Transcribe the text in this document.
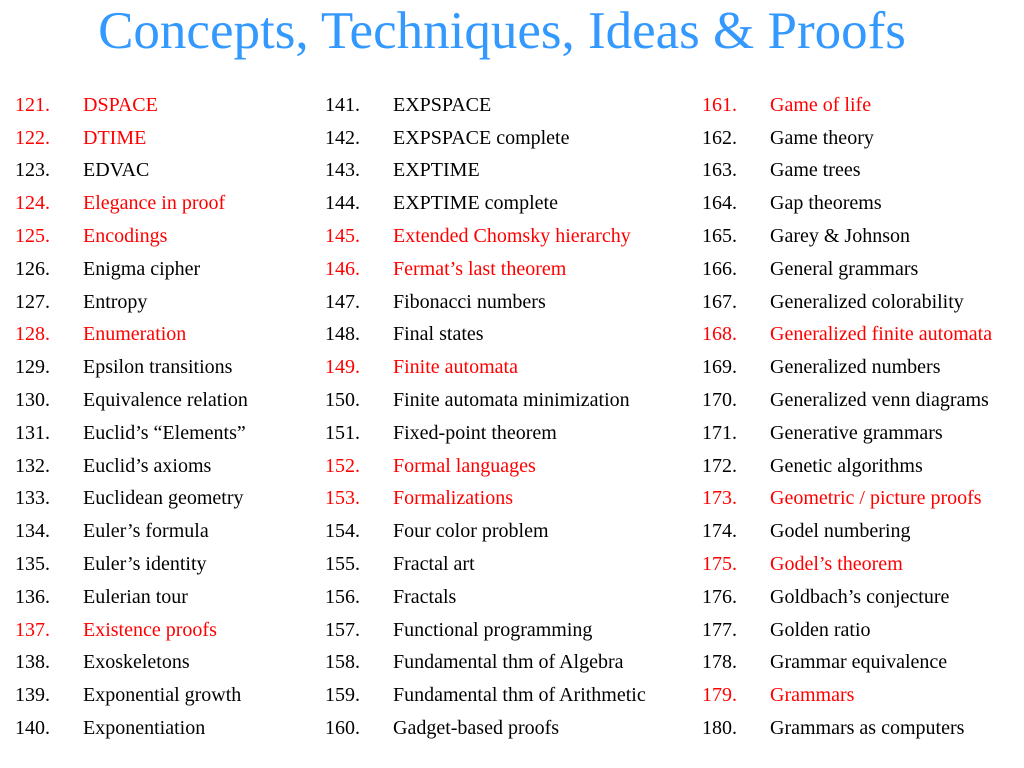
Concepts, Techniques, Ideas & Proofs
121.	DSPACE
122.	DTIME
123.	EDVAC
124.	Elegance in proof
125.	Encodings
126.	Enigma cipher
127.	Entropy
128.	Enumeration
129.	Epsilon transitions
130.	Equivalence relation
131.	Euclid’s “Elements”
132.	Euclid’s axioms
133.	Euclidean geometry
134.	Euler’s formula
135.	Euler’s identity
136.	Eulerian tour
137.	Existence proofs
138.	Exoskeletons
139.	Exponential growth
140.	Exponentiation
141.	EXPSPACE
142.	EXPSPACE complete
143.	EXPTIME
144.	EXPTIME complete
145.	Extended Chomsky hierarchy
146.	Fermat’s last theorem
147.	Fibonacci numbers
148.	Final states
149.	Finite automata
150.	Finite automata minimization
151.	Fixed-point theorem
152.	Formal languages
153.	Formalizations
154.	Four color problem
155.	Fractal art
156.	Fractals
157.	Functional programming
158.	Fundamental thm of Algebra
159.	Fundamental thm of Arithmetic
160.	Gadget-based proofs
161.	Game of life
162.	Game theory
163.	Game trees
164.	Gap theorems
165.	Garey & Johnson
166.	General grammars
167.	Generalized colorability
168.	Generalized finite automata
169.	Generalized numbers
170.	Generalized venn diagrams
171.	Generative grammars
172.	Genetic algorithms
173.	Geometric / picture proofs
174.	Godel numbering
175.	Godel’s theorem
176.	Goldbach’s conjecture
177.	Golden ratio
178.	Grammar equivalence
179.	Grammars
180.	Grammars as computers
